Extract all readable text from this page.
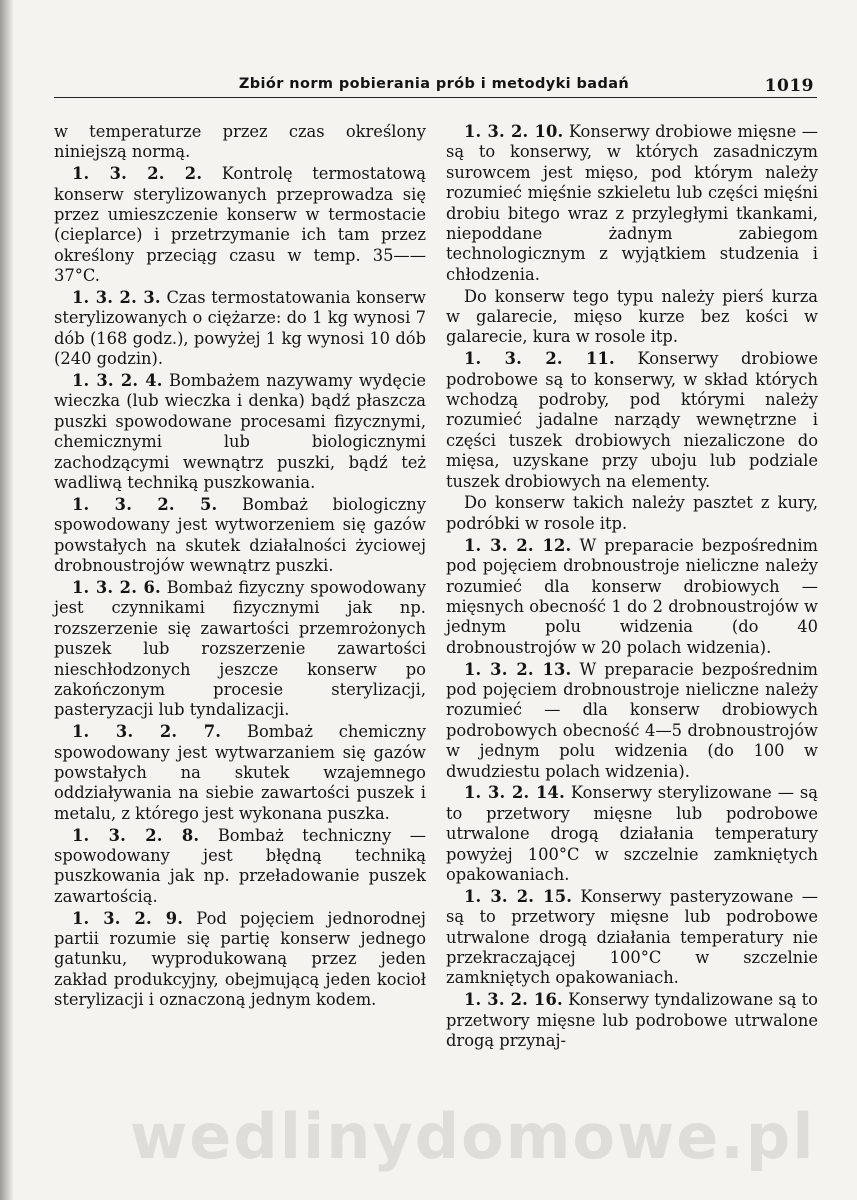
Zbiór norm pobierania prób i metodyki badań	1019

w temperaturze przez czas określony niniejszą normą.

1. 3. 2. 2. Kontrolę termostatową konserw sterylizowanych przeprowadza się przez umieszczenie konserw w termostacie (cieplarce) i przetrzymanie ich tam przez określony przeciąg czasu w temp. 35—— 37°C.

1. 3. 2. 3. Czas termostatowania konserw sterylizowanych o ciężarze: do 1 kg wynosi 7 dób (168 godz.), powyżej 1 kg wynosi 10 dób (240 godzin).

1. 3. 2. 4. Bombażem nazywamy wydęcie wieczka (lub wieczka i denka) bądź płaszcza puszki spowodowane procesami fizycznymi, chemicznymi lub biologicznymi zachodzącymi wewnątrz puszki, bądź też wadliwą techniką puszkowania.

1. 3. 2. 5. Bombaż biologiczny spowodowany jest wytworzeniem się gazów powstałych na skutek działalności życiowej drobnoustrojów wewnątrz puszki.

1. 3. 2. 6. Bombaż fizyczny spowodowany jest czynnikami fizycznymi jak np. rozszerzenie się zawartości przemrożonych puszek lub rozszerzenie zawartości nieschłodzonych jeszcze konserw po zakończonym procesie sterylizacji, pasteryzacji lub tyndalizacji.

1. 3. 2. 7. Bombaż chemiczny spowodowany jest wytwarzaniem się gazów powstałych na skutek wzajemnego oddziaływania na siebie zawartości puszek i metalu, z którego jest wykonana puszka.

1. 3. 2. 8. Bombaż techniczny — spowodowany jest błędną techniką puszkowania jak np. przeładowanie puszek zawartością.

1. 3. 2. 9. Pod pojęciem jednorodnej partii rozumie się partię konserw jednego gatunku, wyprodukowaną przez jeden zakład produkcyjny, obejmującą jeden kocioł sterylizacji i oznaczoną jednym kodem.

1. 3. 2. 10. Konserwy drobiowe mięsne — są to konserwy, w których zasadniczym surowcem jest mięso, pod którym należy rozumieć mięśnie szkieletu lub części mięśni drobiu bitego wraz z przyległymi tkankami, niepoddane żadnym zabiegom technologicznym z wyjątkiem studzenia i chłodzenia.

Do konserw tego typu należy pierś kurza w galarecie, mięso kurze bez kości w galarecie, kura w rosole itp.

1. 3. 2. 11. Konserwy drobiowe podrobowe są to konserwy, w skład których wchodzą podroby, pod którymi należy rozumieć jadalne narządy wewnętrzne i części tuszek drobiowych niezaliczone do mięsa, uzyskane przy uboju lub podziale tuszek drobiowych na elementy.

Do konserw takich należy pasztet z kury, podróbki w rosole itp.

1. 3. 2. 12. W preparacie bezpośrednim pod pojęciem drobnoustroje nieliczne należy rozumieć dla konserw drobiowych — mięsnych obecność 1 do 2 drobnoustrojów w jednym polu widzenia (do 40 drobnoustrojów w 20 polach widzenia).

1. 3. 2. 13. W preparacie bezpośrednim pod pojęciem drobnoustroje nieliczne należy rozumieć — dla konserw drobiowych podrobowych obecność 4—5 drobnoustrojów w jednym polu widzenia (do 100 w dwudziestu polach widzenia).

1. 3. 2. 14. Konserwy sterylizowane — są to przetwory mięsne lub podrobowe utrwalone drogą działania temperatury powyżej 100°C w szczelnie zamkniętych opakowaniach.

1. 3. 2. 15. Konserwy pasteryzowane — są to przetwory mięsne lub podrobowe utrwalone drogą działania temperatury nie przekraczającej 100°C w szczelnie zamkniętych opakowaniach.

1. 3. 2. 16. Konserwy tyndalizowane są to przetwory mięsne lub podrobowe utrwalone drogą przynaj-

wedlinydomowe.pl
